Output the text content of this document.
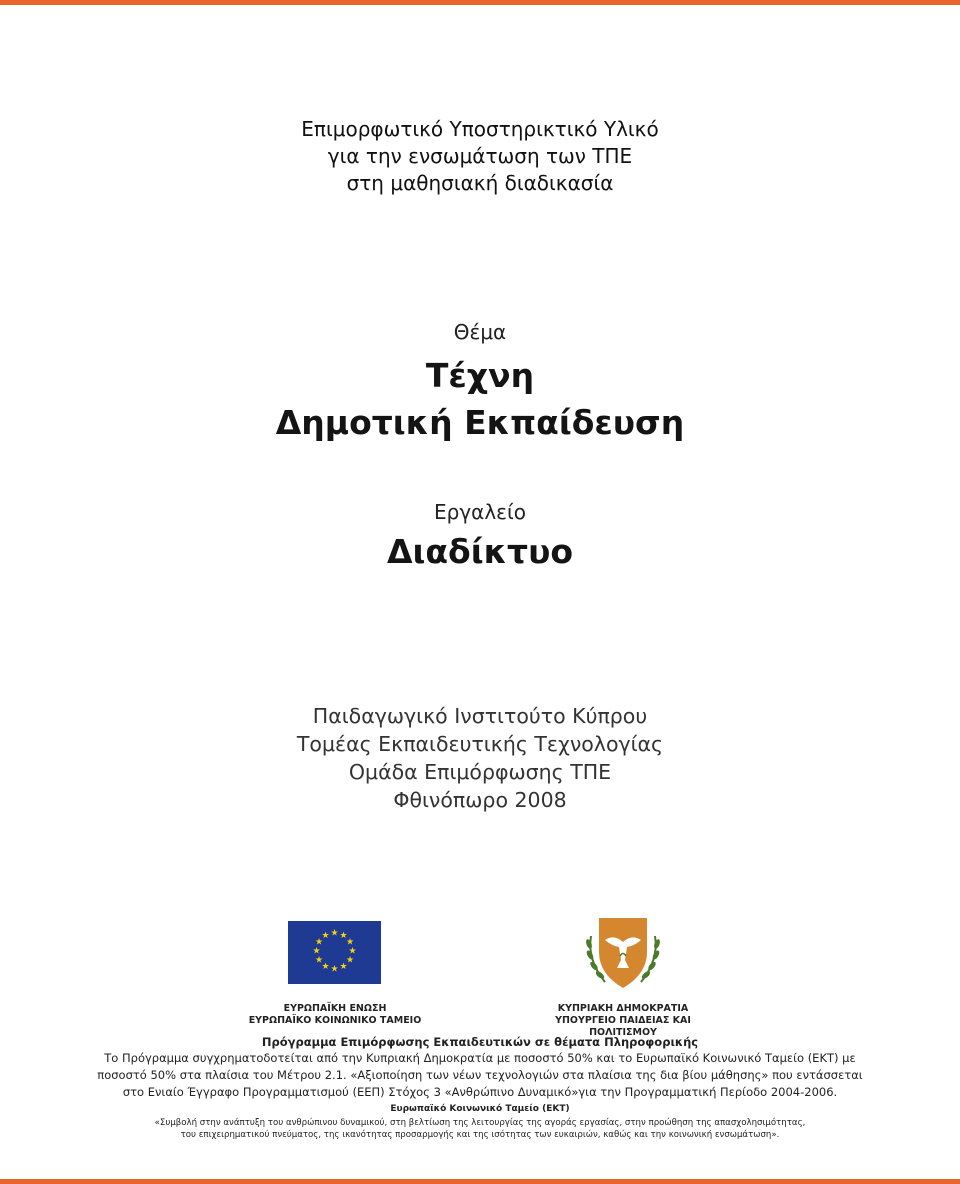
Επιμορφωτικό Υποστηρικτικό Υλικό
για την ενσωμάτωση των ΤΠΕ
στη μαθησιακή διαδικασία
Θέμα
Τέχνη
Δημοτική Εκπαίδευση
Εργαλείο
Διαδίκτυο
Παιδαγωγικό Ινστιτούτο Κύπρου
Τομέας Εκπαιδευτικής Τεχνολογίας
Ομάδα Επιμόρφωσης ΤΠΕ
Φθινόπωρο 2008
★ ★
★
★
★
★
★
★
★
★
★
★
ΕΥΡΩΠΑΪΚΗ ΕΝΩΣΗ
ΕΥΡΩΠΑΪΚΟ ΚΟΙΝΩΝΙΚΟ ΤΑΜΕΙΟ
ΚΥΠΡΙΑΚΗ ΔΗΜΟΚΡΑΤΙΑ
ΥΠΟΥΡΓΕΙΟ ΠΑΙΔΕΙΑΣ ΚΑΙ ΠΟΛΙΤΙΣΜΟΥ
Πρόγραμμα Επιμόρφωσης Εκπαιδευτικών σε θέματα Πληροφορικής
Το Πρόγραμμα συγχρηματοδοτείται από την Κυπριακή Δημοκρατία με ποσοστό 50% και το Ευρωπαϊκό Κοινωνικό Ταμείο (ΕΚΤ) με
ποσοστό 50% στα πλαίσια του Μέτρου 2.1. «Αξιοποίηση των νέων τεχνολογιών στα πλαίσια της δια βίου μάθησης» που εντάσσεται
στο Ενιαίο Έγγραφο Προγραμματισμού (ΕΕΠ) Στόχος 3 «Ανθρώπινο Δυναμικό»για την Προγραμματική Περίοδο 2004-2006.
Ευρωπαϊκό Κοινωνικό Ταμείο (ΕΚΤ)
«Συμβολή στην ανάπτυξη του ανθρώπινου δυναμικού, στη βελτίωση της λειτουργίας της αγοράς εργασίας, στην προώθηση της απασχολησιμότητας,
του επιχειρηματικού πνεύματος, της ικανότητας προσαρμογής και της ισότητας των ευκαιριών, καθώς και την κοινωνική ενσωμάτωση».
